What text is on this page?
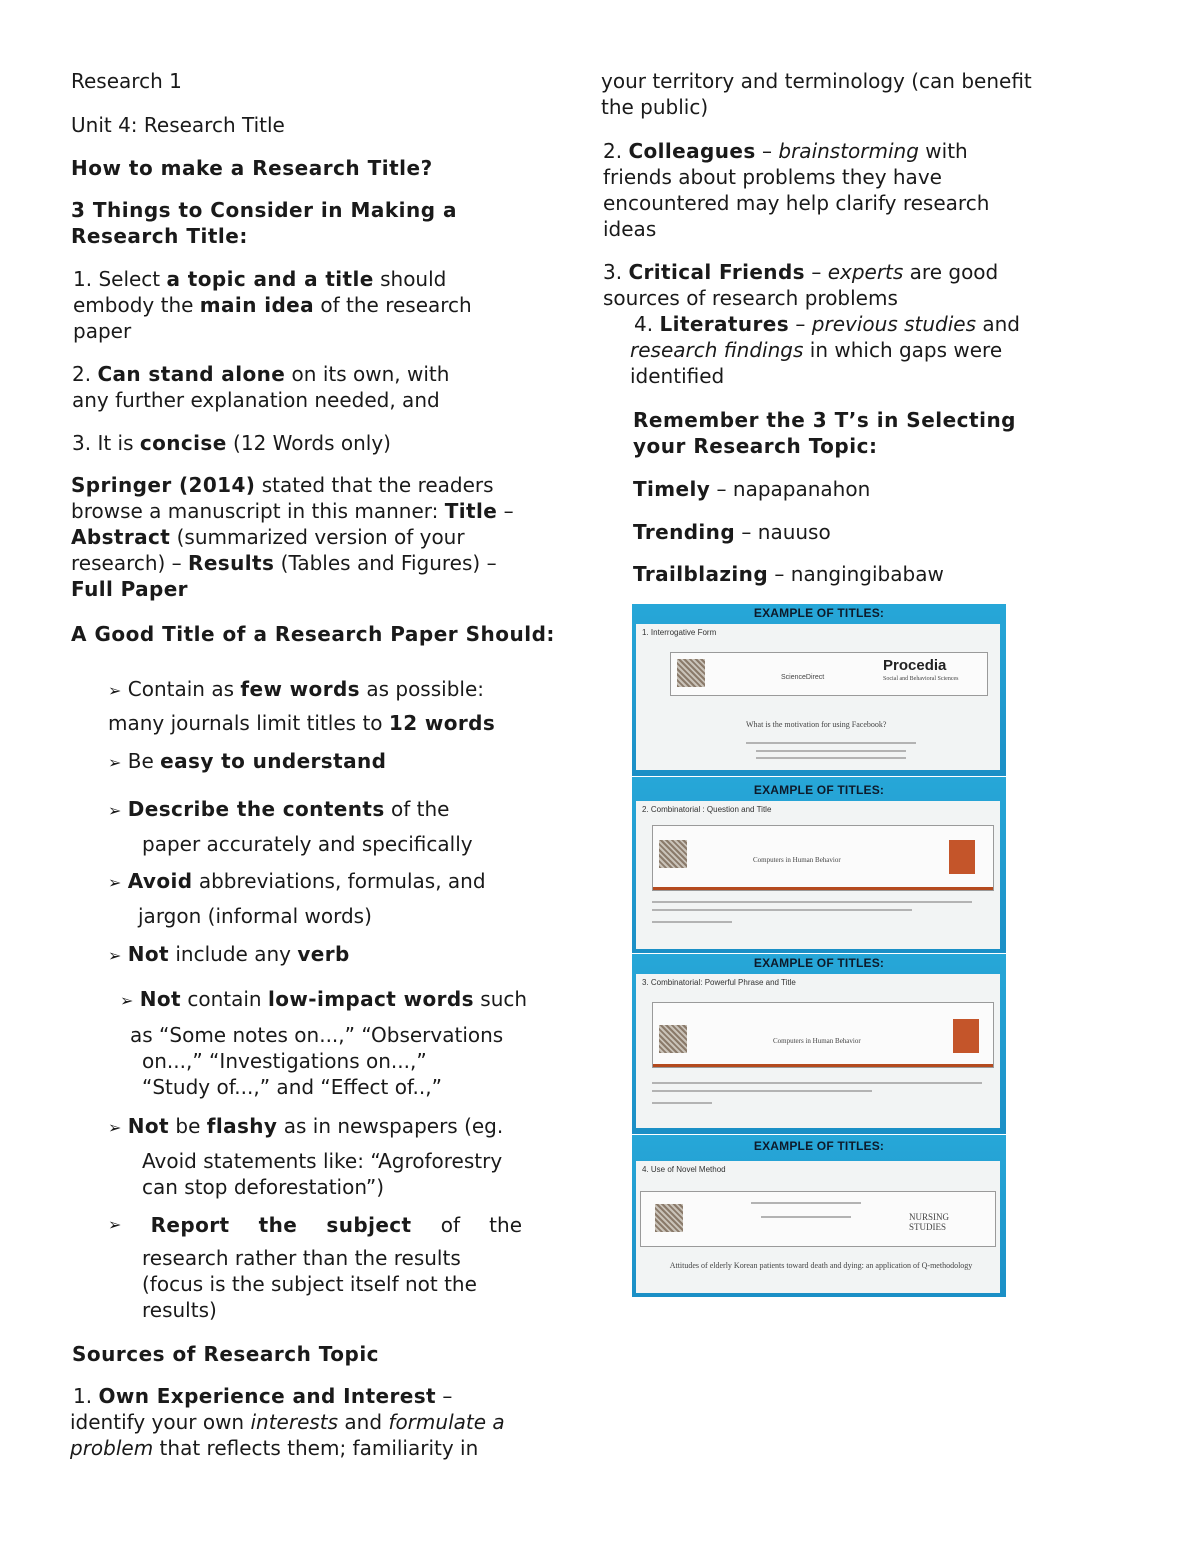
Research 1

Unit 4: Research Title

How to make a Research Title?

3 Things to Consider in Making a
Research Title:
1. Select a topic and a title should
embody the main idea of the research
paper
2. Can stand alone on its own, with
any further explanation needed, and
3. It is concise (12 Words only)
Springer (2014) stated that the readers
browse a manuscript in this manner: Title –
Abstract (summarized version of your
research) – Results (Tables and Figures) –
Full Paper

A Good Title of a Research Paper Should:

➢ Contain as few words as possible:
many journals limit titles to 12 words
➢ Be easy to understand
➢ Describe the contents of the
paper accurately and specifically
➢ Avoid abbreviations, formulas, and
jargon (informal words)
➢ Not include any verb
➢ Not contain low-impact words such
as “Some notes on...,” “Observations
on...,” “Investigations on...,”
“Study of...,” and “Effect of..,”
➢ Not be flashy as in newspapers (eg.
Avoid statements like: “Agroforestry
can stop deforestation”)
➢ Report the subject of the
research rather than the results
(focus is the subject itself not the
results)

Sources of Research Topic

1. Own Experience and Interest –
identify your own interests and formulate a
problem that reflects them; familiarity in
your territory and terminology (can benefit
the public)
2. Colleagues – brainstorming with
friends about problems they have
encountered may help clarify research
ideas
3. Critical Friends – experts are good
sources of research problems
4. Literatures – previous studies and
research findings in which gaps were
identified
Remember the 3 T’s in Selecting
your Research Topic:
Timely – napapanahon
Trending – nauuso
Trailblazing – nangingibabaw
EXAMPLE OF TITLES:
1. Interrogative Form
ScienceDirect
Procedia
Social and Behavioral Sciences
What is the motivation for using Facebook?
EXAMPLE OF TITLES:
2. Combinatorial : Question and Title
Computers in Human Behavior
EXAMPLE OF TITLES:
3. Combinatorial: Powerful Phrase and Title
Computers in Human Behavior
EXAMPLE OF TITLES:
4. Use of Novel Method
NURSING STUDIES
Attitudes of elderly Korean patients toward death and dying: an application of Q-methodology
